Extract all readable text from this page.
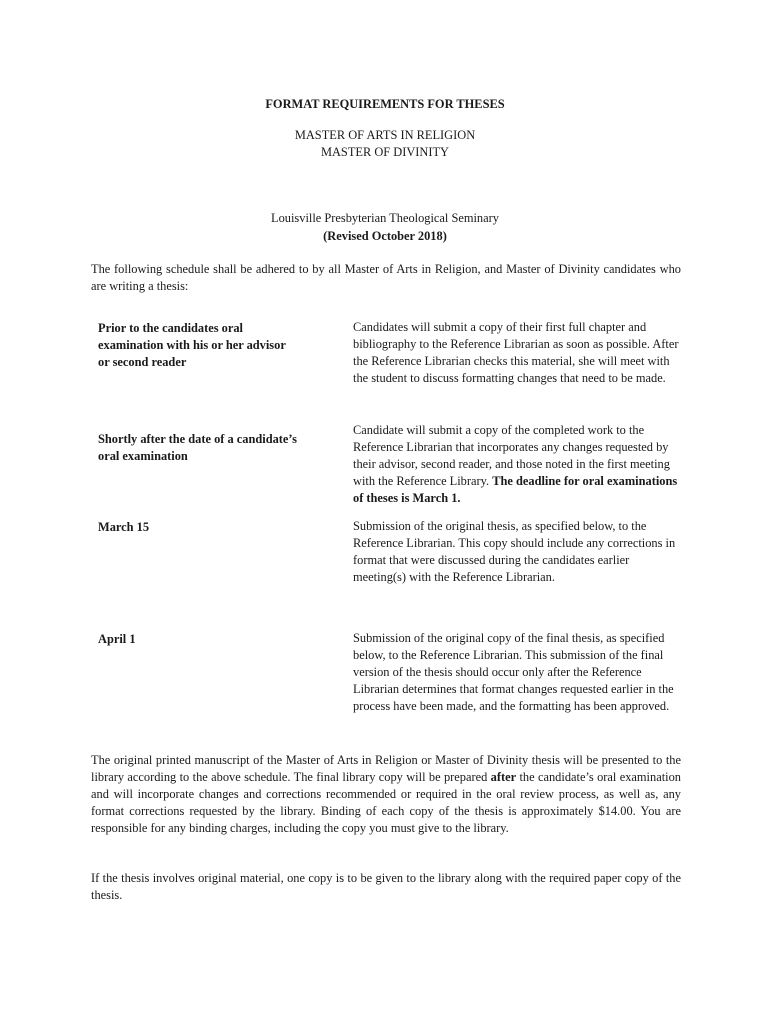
FORMAT REQUIREMENTS FOR THESES
MASTER OF ARTS IN RELIGION
MASTER OF DIVINITY
Louisville Presbyterian Theological Seminary
(Revised October 2018)
The following schedule shall be adhered to by all Master of Arts in Religion, and Master of Divinity candidates who are writing a thesis:
Prior to the candidates oral examination with his or her advisor or second reader
Candidates will submit a copy of their first full chapter and bibliography to the Reference Librarian as soon as possible. After the Reference Librarian checks this material, she will meet with the student to discuss formatting changes that need to be made.
Shortly after the date of a candidate’s oral examination
Candidate will submit a copy of the completed work to the Reference Librarian that incorporates any changes requested by their advisor, second reader, and those noted in the first meeting with the Reference Library. The deadline for oral examinations of theses is March 1.
March 15	Submission of the original thesis, as specified below, to the Reference Librarian. This copy should include any corrections in format that were discussed during the candidates earlier meeting(s) with the Reference Librarian.
April 1	Submission of the original copy of the final thesis, as specified below, to the Reference Librarian. This submission of the final version of the thesis should occur only after the Reference Librarian determines that format changes requested earlier in the process have been made, and the formatting has been approved.
The original printed manuscript of the Master of Arts in Religion or Master of Divinity thesis will be presented to the library according to the above schedule. The final library copy will be prepared after the candidate’s oral examination and will incorporate changes and corrections recommended or required in the oral review process, as well as, any format corrections requested by the library. Binding of each copy of the thesis is approximately $14.00. You are responsible for any binding charges, including the copy you must give to the library.
If the thesis involves original material, one copy is to be given to the library along with the required paper copy of the thesis.
